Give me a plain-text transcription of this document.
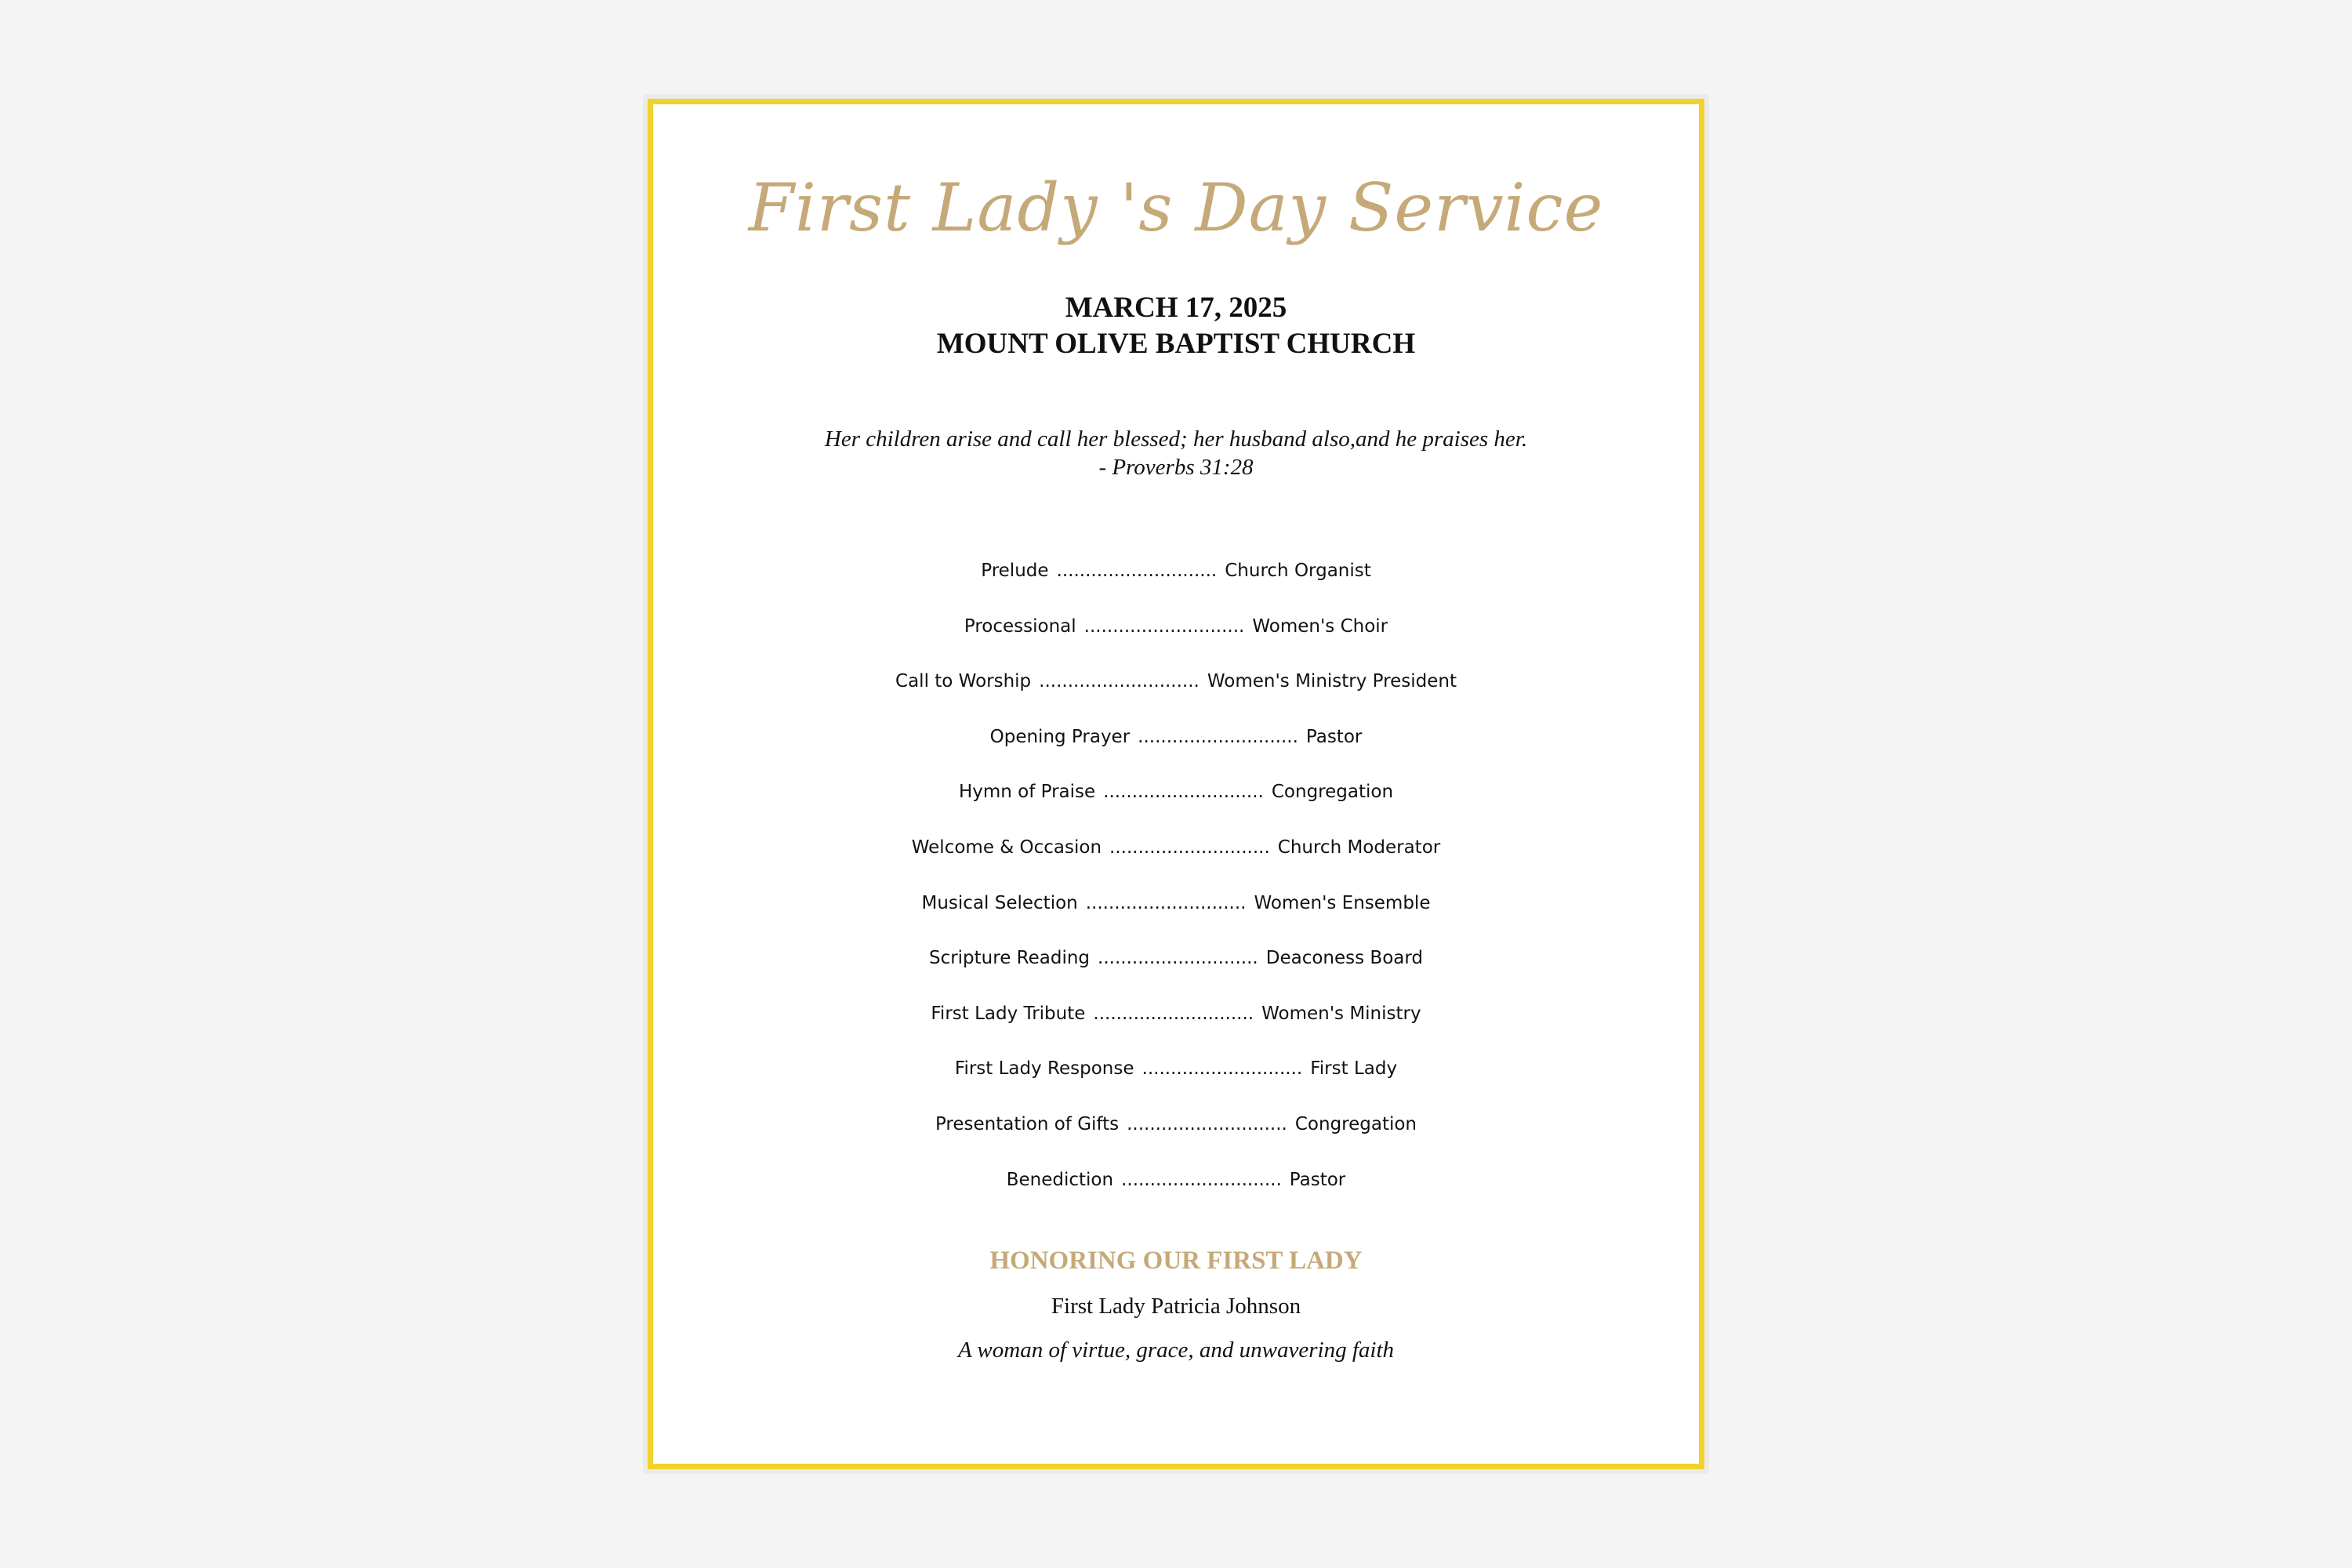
First Lady 's Day Service
MARCH 17, 2025
MOUNT OLIVE BAPTIST CHURCH
Her children arise and call her blessed; her husband also,and he praises her.
- Proverbs 31:28
Prelude ............................ Church Organist
Processional ............................ Women's Choir
Call to Worship ............................ Women's Ministry President
Opening Prayer ............................ Pastor
Hymn of Praise ............................ Congregation
Welcome & Occasion ............................ Church Moderator
Musical Selection ............................ Women's Ensemble
Scripture Reading ............................ Deaconess Board
First Lady Tribute ............................ Women's Ministry
First Lady Response ............................ First Lady
Presentation of Gifts ............................ Congregation
Benediction ............................ Pastor
HONORING OUR FIRST LADY
First Lady Patricia Johnson
A woman of virtue, grace, and unwavering faith
